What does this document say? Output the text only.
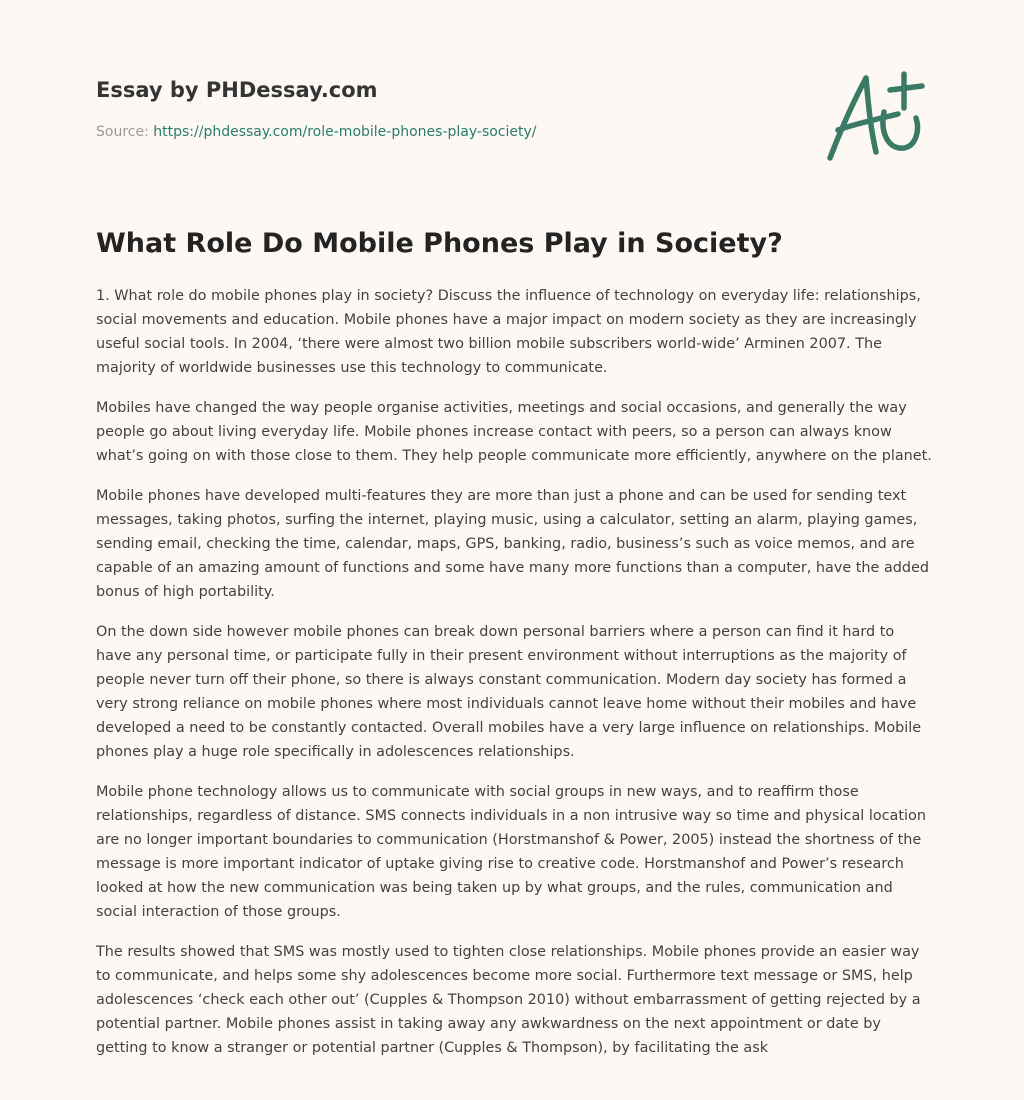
Essay by PHDessay.com
Source: https://phdessay.com/role-mobile-phones-play-society/
What Role Do Mobile Phones Play in Society?

1. What role do mobile phones play in society? Discuss the influence of technology on everyday life: relationships, social movements and education. Mobile phones have a major impact on modern society as they are increasingly useful social tools. In 2004, ‘there were almost two billion mobile subscribers world-wide’ Arminen 2007. The majority of worldwide businesses use this technology to communicate.

Mobiles have changed the way people organise activities, meetings and social occasions, and generally the way people go about living everyday life. Mobile phones increase contact with peers, so a person can always know what’s going on with those close to them. They help people communicate more efficiently, anywhere on the planet.

Mobile phones have developed multi-features they are more than just a phone and can be used for sending text messages, taking photos, surfing the internet, playing music, using a calculator, setting an alarm, playing games, sending email, checking the time, calendar, maps, GPS, banking, radio, business’s such as voice memos, and are capable of an amazing amount of functions and some have many more functions than a computer, have the added bonus of high portability.

On the down side however mobile phones can break down personal barriers where a person can find it hard to have any personal time, or participate fully in their present environment without interruptions as the majority of people never turn off their phone, so there is always constant communication. Modern day society has formed a very strong reliance on mobile phones where most individuals cannot leave home without their mobiles and have developed a need to be constantly contacted. Overall mobiles have a very large influence on relationships. Mobile phones play a huge role specifically in adolescences relationships.

Mobile phone technology allows us to communicate with social groups in new ways, and to reaffirm those relationships, regardless of distance. SMS connects individuals in a non intrusive way so time and physical location are no longer important boundaries to communication (Horstmanshof & Power, 2005) instead the shortness of the message is more important indicator of uptake giving rise to creative code. Horstmanshof and Power’s research looked at how the new communication was being taken up by what groups, and the rules, communication and social interaction of those groups.

The results showed that SMS was mostly used to tighten close relationships. Mobile phones provide an easier way to communicate, and helps some shy adolescences become more social. Furthermore text message or SMS, help adolescences ‘check each other out’ (Cupples & Thompson 2010) without embarrassment of getting rejected by a potential partner. Mobile phones assist in taking away any awkwardness on the next appointment or date by getting to know a stranger or potential partner (Cupples & Thompson), by facilitating the ask
